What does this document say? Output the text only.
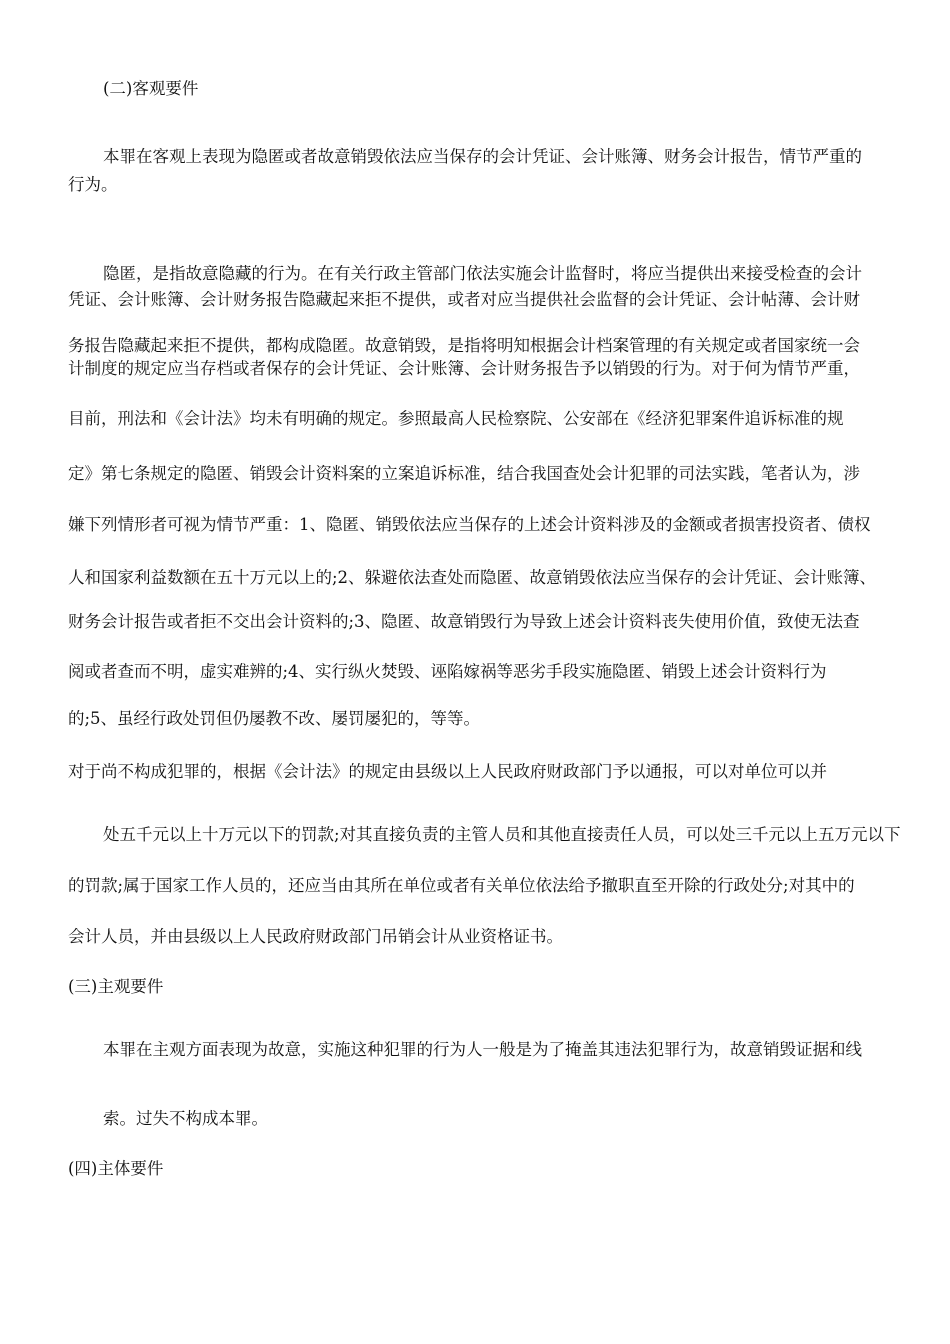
(二)客观要件
本罪在客观上表现为隐匿或者故意销毁依法应当保存的会计凭证、会计账簿、财务会计报告，情节严重的
行为。
隐匿，是指故意隐藏的行为。在有关行政主管部门依法实施会计监督时，将应当提供出来接受检查的会计
凭证、会计账簿、会计财务报告隐藏起来拒不提供，或者对应当提供社会监督的会计凭证、会计帖薄、会计财
务报告隐藏起来拒不提供，都构成隐匿。故意销毁，是指将明知根据会计档案管理的有关规定或者国家统一会
计制度的规定应当存档或者保存的会计凭证、会计账簿、会计财务报告予以销毁的行为。对于何为情节严重，
目前，刑法和《会计法》均未有明确的规定。参照最高人民检察院、公安部在《经济犯罪案件追诉标准的规
定》第七条规定的隐匿、销毁会计资料案的立案追诉标准，结合我国查处会计犯罪的司法实践，笔者认为，涉
嫌下列情形者可视为情节严重：1、隐匿、销毁依法应当保存的上述会计资料涉及的金额或者损害投资者、债权
人和国家利益数额在五十万元以上的;2、躲避依法查处而隐匿、故意销毁依法应当保存的会计凭证、会计账簿、
财务会计报告或者拒不交出会计资料的;3、隐匿、故意销毁行为导致上述会计资料丧失使用价值，致使无法查
阅或者查而不明，虚实难辨的;4、实行纵火焚毁、诬陷嫁祸等恶劣手段实施隐匿、销毁上述会计资料行为
的;5、虽经行政处罚但仍屡教不改、屡罚屡犯的，等等。
对于尚不构成犯罪的，根据《会计法》的规定由县级以上人民政府财政部门予以通报，可以对单位可以并
处五千元以上十万元以下的罚款;对其直接负责的主管人员和其他直接责任人员，可以处三千元以上五万元以下
的罚款;属于国家工作人员的，还应当由其所在单位或者有关单位依法给予撤职直至开除的行政处分;对其中的
会计人员，并由县级以上人民政府财政部门吊销会计从业资格证书。
(三)主观要件
本罪在主观方面表现为故意，实施这种犯罪的行为人一般是为了掩盖其违法犯罪行为，故意销毁证据和线
索。过失不构成本罪。
(四)主体要件
